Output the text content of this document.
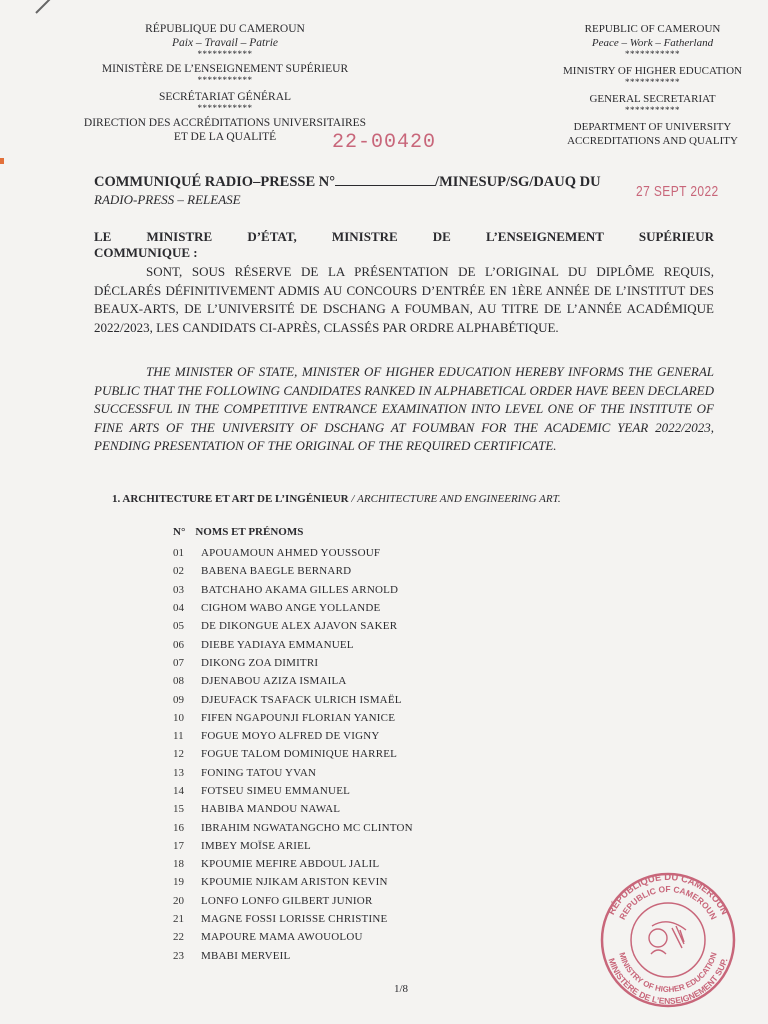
RÉPUBLIQUE DU CAMEROUN
Paix – Travail – Patrie
***********
MINISTÈRE DE L’ENSEIGNEMENT SUPÉRIEUR
***********
SECRÉTARIAT GÉNÉRAL
***********
DIRECTION DES ACCRÉDITATIONS UNIVERSITAIRES
ET DE LA QUALITÉ
REPUBLIC OF CAMEROUN
Peace – Work – Fatherland
***********
MINISTRY OF HIGHER EDUCATION
***********
GENERAL SECRETARIAT
***********
DEPARTMENT OF UNIVERSITY
ACCREDITATIONS AND QUALITY
22-00420
27 SEPT 2022
COMMUNIQUÉ RADIO–PRESSE N°	/MINESUP/SG/DAUQ DU
RADIO-PRESS – RELEASE
LE MINISTRE D’ÉTAT, MINISTRE DE L’ENSEIGNEMENT SUPÉRIEUR
COMMUNIQUE :
SONT, SOUS RÉSERVE DE LA PRÉSENTATION DE L’ORIGINAL DU DIPLÔME REQUIS, DÉCLARÉS DÉFINITIVEMENT ADMIS AU CONCOURS D’ENTRÉE EN 1ÈRE ANNÉE DE L’INSTITUT DES BEAUX-ARTS, DE L’UNIVERSITÉ DE DSCHANG A FOUMBAN, AU TITRE DE L’ANNÉE ACADÉMIQUE 2022/2023, LES CANDIDATS CI-APRÈS, CLASSÉS PAR ORDRE ALPHABÉTIQUE.
THE MINISTER OF STATE, MINISTER OF HIGHER EDUCATION HEREBY INFORMS THE GENERAL PUBLIC THAT THE FOLLOWING CANDIDATES RANKED IN ALPHABETICAL ORDER HAVE BEEN DECLARED SUCCESSFUL IN THE COMPETITIVE ENTRANCE EXAMINATION INTO LEVEL ONE OF THE INSTITUTE OF FINE ARTS OF THE UNIVERSITY OF DSCHANG AT FOUMBAN FOR THE ACADEMIC YEAR 2022/2023, PENDING PRESENTATION OF THE ORIGINAL OF THE REQUIRED CERTIFICATE.
1. ARCHITECTURE ET ART DE L’INGÉNIEUR / ARCHITECTURE AND ENGINEERING ART.
N° NOMS ET PRÉNOMS
01	APOUAMOUN AHMED YOUSSOUF
02	BABENA BAEGLE BERNARD
03	BATCHAHO AKAMA GILLES ARNOLD
04	CIGHOM WABO ANGE YOLLANDE
05	DE DIKONGUE ALEX AJAVON SAKER
06	DIEBE YADIAYA EMMANUEL
07	DIKONG ZOA DIMITRI
08	DJENABOU AZIZA ISMAILA
09	DJEUFACK TSAFACK ULRICH ISMAËL
10	FIFEN NGAPOUNJI FLORIAN YANICE
11	FOGUE MOYO ALFRED DE VIGNY
12	FOGUE TALOM DOMINIQUE HARREL
13	FONING TATOU YVAN
14	FOTSEU SIMEU EMMANUEL
15	HABIBA MANDOU NAWAL
16	IBRAHIM NGWATANGCHO MC CLINTON
17	IMBEY MOÏSE ARIEL
18	KPOUMIE MEFIRE ABDOUL JALIL
19	KPOUMIE NJIKAM ARISTON KEVIN
20	LONFO LONFO GILBERT JUNIOR
21	MAGNE FOSSI LORISSE CHRISTINE
22	MAPOURE MAMA AWOUOLOU
23	MBABI MERVEIL
1/8
RÉPUBLIQUE DU CAMEROUN
REPUBLIC OF CAMEROUN
MINISTÈRE DE L’ENSEIGNEMENT SUP.
MINISTRY OF HIGHER EDUCATION
